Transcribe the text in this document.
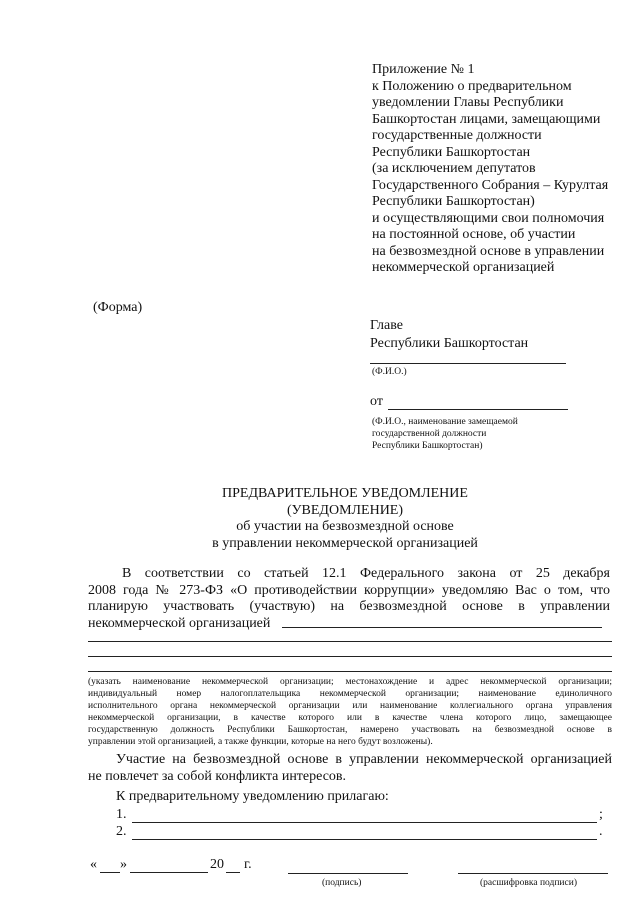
Приложение № 1
к Положению о предварительном
уведомлении Главы Республики
Башкортостан лицами, замещающими
государственные должности
Республики Башкортостан
(за исключением депутатов
Государственного Собрания – Курултая
Республики Башкортостан)
и осуществляющими свои полномочия
на постоянной основе, об участии
на безвозмездной основе в управлении
некоммерческой организацией
(Форма)
Главе
Республики Башкортостан
(Ф.И.О.)
от
(Ф.И.О., наименование замещаемой
государственной должности
Республики Башкортостан)
ПРЕДВАРИТЕЛЬНОЕ УВЕДОМЛЕНИЕ
(УВЕДОМЛЕНИЕ)
об участии на безвозмездной основе
в управлении некоммерческой организацией
В соответствии со статьей 12.1 Федерального закона от 25 декабря
2008 года № 273-ФЗ «О противодействии коррупции» уведомляю Вас о том, что
планирую участвовать (участвую) на безвозмездной основе в управлении
некоммерческой организацией
(указать наименование некоммерческой организации; местонахождение и адрес некоммерческой организации;
индивидуальный номер налогоплательщика некоммерческой организации; наименование единоличного
исполнительного органа некоммерческой организации или наименование коллегиального органа управления
некоммерческой организации, в качестве которого или в качестве члена которого лицо, замещающее
государственную должность Республики Башкортостан, намерено участвовать на безвозмездной основе в
управлении этой организацией, а также функции, которые на него будут возложены).
Участие на безвозмездной основе в управлении некоммерческой организацией
не повлечет за собой конфликта интересов.
К предварительному уведомлению прилагаю:
1.	;
2.	.
« »	20 г.
(подпись)	(расшифровка подписи)
